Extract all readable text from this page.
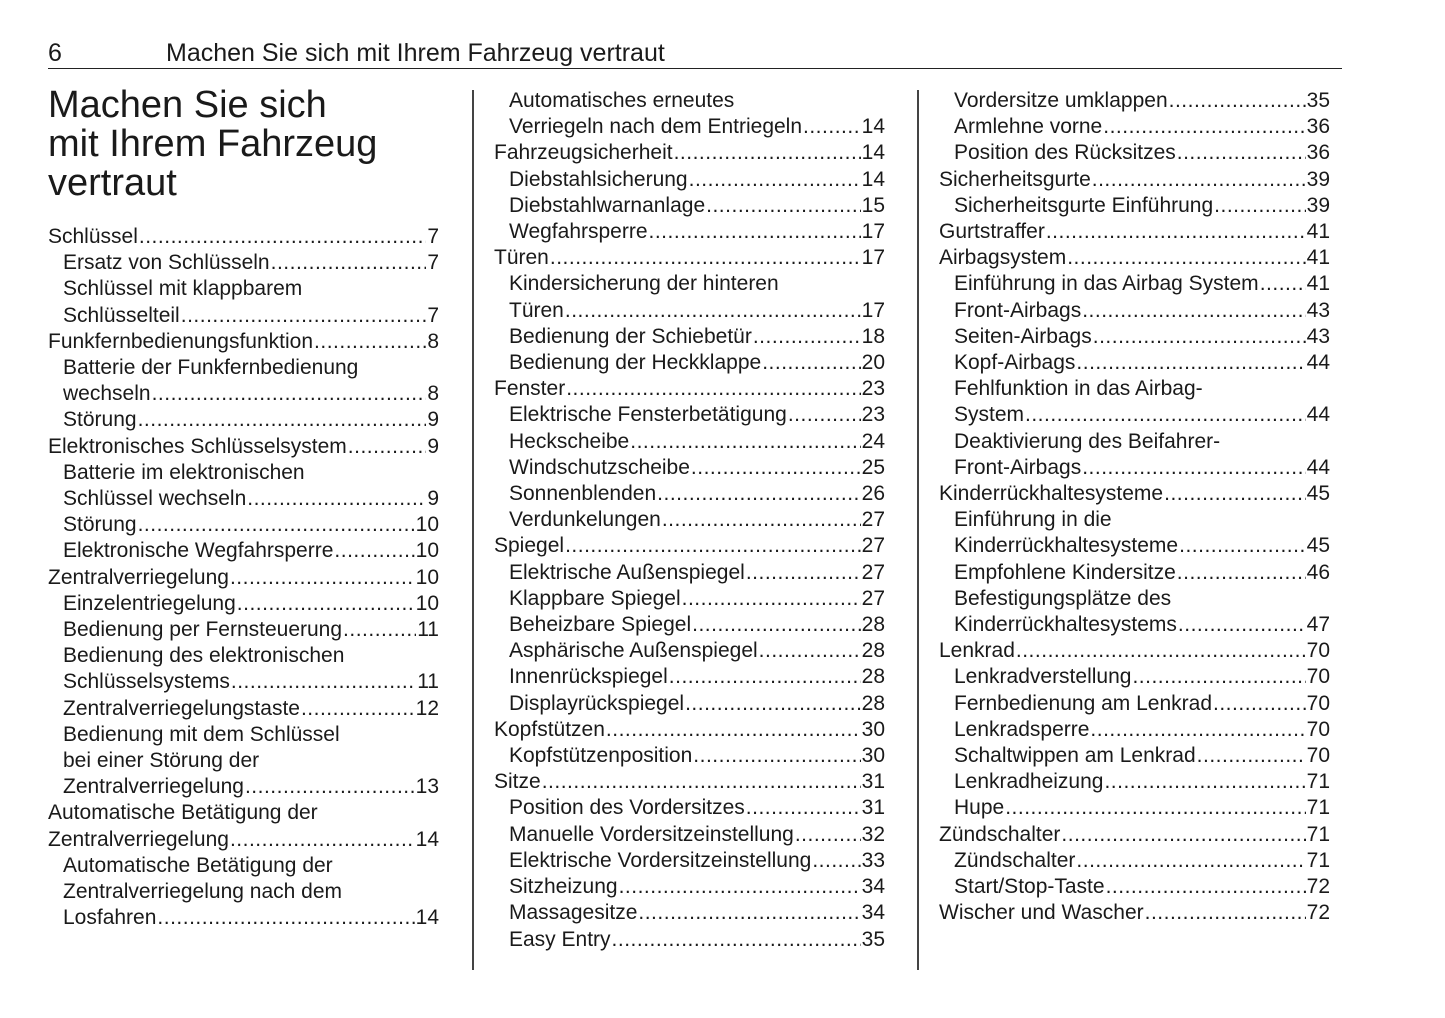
6	Machen Sie sich mit Ihrem Fahrzeug vertraut
Machen Sie sich
mit Ihrem Fahrzeug
vertraut
Schlüssel .....	7
Ersatz von Schlüsseln .....	7
Schlüssel mit klappbarem
Schlüsselteil .....	7
Funkfernbedienungsfunktion .....	8
Batterie der Funkfernbedienung
wechseln .....	8
Störung .....	9
Elektronisches Schlüsselsystem .....	9
Batterie im elektronischen
Schlüssel wechseln .....	9
Störung .....	10
Elektronische Wegfahrsperre .....	10
Zentralverriegelung .....	10
Einzelentriegelung .....	10
Bedienung per Fernsteuerung .....	11
Bedienung des elektronischen
Schlüsselsystems .....	11
Zentralverriegelungstaste .....	12
Bedienung mit dem Schlüssel
bei einer Störung der
Zentralverriegelung .....	13
Automatische Betätigung der
Zentralverriegelung .....	14
Automatische Betätigung der
Zentralverriegelung nach dem
Losfahren .....	14
Automatisches erneutes
Verriegeln nach dem Entriegeln .....	14
Fahrzeugsicherheit .....	14
Diebstahlsicherung .....	14
Diebstahlwarnanlage .....	15
Wegfahrsperre .....	17
Türen .....	17
Kindersicherung der hinteren
Türen .....	17
Bedienung der Schiebetür .....	18
Bedienung der Heckklappe .....	20
Fenster .....	23
Elektrische Fensterbetätigung .....	23
Heckscheibe .....	24
Windschutzscheibe .....	25
Sonnenblenden .....	26
Verdunkelungen .....	27
Spiegel .....	27
Elektrische Außenspiegel .....	27
Klappbare Spiegel .....	27
Beheizbare Spiegel .....	28
Asphärische Außenspiegel .....	28
Innenrückspiegel .....	28
Displayrückspiegel .....	28
Kopfstützen .....	30
Kopfstützenposition .....	30
Sitze .....	31
Position des Vordersitzes .....	31
Manuelle Vordersitzeinstellung .....	32
Elektrische Vordersitzeinstellung ..... 33
Sitzheizung .....	34
Massagesitze .....	34
Easy Entry .....	35
Vordersitze umklappen .....	35
Armlehne vorne .....	36
Position des Rücksitzes .....	36
Sicherheitsgurte .....	39
Sicherheitsgurte Einführung .....	39
Gurtstraffer .....	41
Airbagsystem .....	41
Einführung in das Airbag System ..... 41
Front-Airbags .....	43
Seiten-Airbags .....	43
Kopf-Airbags .....	44
Fehlfunktion in das Airbag-
System .....	44
Deaktivierung des Beifahrer-
Front-Airbags .....	44
Kinderrückhaltesysteme .....	45
Einführung in die
Kinderrückhaltesysteme .....	45
Empfohlene Kindersitze .....	46
Befestigungsplätze des
Kinderrückhaltesystems .....	47
Lenkrad .....	70
Lenkradverstellung .....	70
Fernbedienung am Lenkrad .....	70
Lenkradsperre .....	70
Schaltwippen am Lenkrad .....	70
Lenkradheizung .....	71
Hupe .....	71
Zündschalter .....	71
Zündschalter .....	71
Start/Stop-Taste .....	72
Wischer und Wascher .....	72
